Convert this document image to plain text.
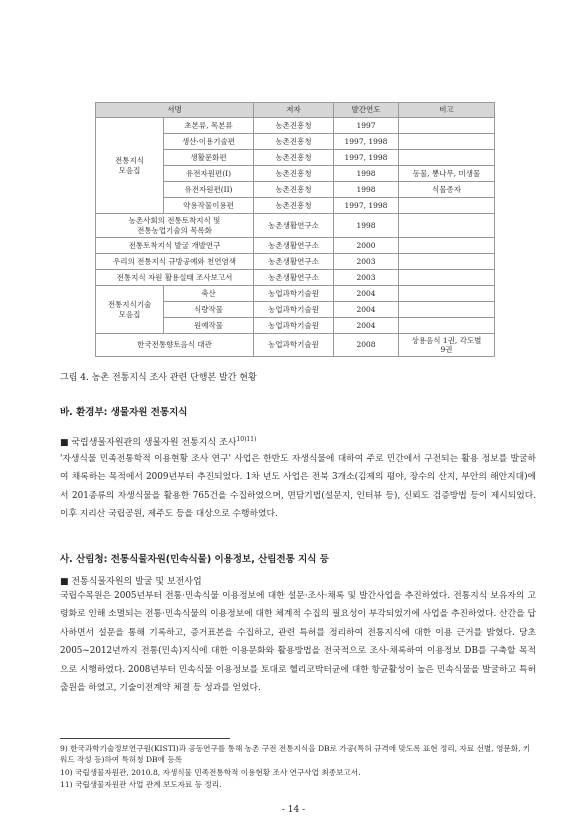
서명		저자	발간연도	비고
전통지식
모음집	초본류, 목본류	농촌진흥청	1997	
	생산·이용기술편	농촌진흥청	1997, 1998	
	생활문화편	농촌진흥청	1997, 1998	
	유전자원편(I)	농촌진흥청	1998	동물, 뽕나무, 미생물
	유전자원편(II)	농촌진흥청	1998	식물종자
	약용작물이용편	농촌진흥청	1997, 1998	
농촌사회의 전통토착지식 및
전통농업기술의 목록화		농촌생활연구소	1998	
전통토착지식 발굴 개발연구		농촌생활연구소	2000	
우리의 전통지식 규방공예와 천연염색		농촌생활연구소	2003	
전통지식 자원 활용실태 조사보고서		농촌생활연구소	2003	
전통지식기술
모음집	축산	농업과학기술원	2004	
	식량작물	농업과학기술원	2004	
	원예작물	농업과학기술원	2004	
한국전통향토음식 대관		농업과학기술원	2008	상용음식 1권, 각도별
9권
그림 4. 농촌 전통지식 조사 관련 단행본 발간 현황
바. 환경부: 생물자원 전통지식
■ 국립생물자원관의 생물자원 전통지식 조사$^{10)11)}$
'자생식물 민족전통학적 이용현황 조사 연구' 사업은 한반도 자생식물에 대하여 주로 민간에서 구전되는 활용 정보를 발굴하여 채록하는 목적에서 2009년부터 추진되었다. 1차 년도 사업은 전북 3개소(김제의 평야, 장수의 산지, 부안의 해안지대)에서 201종류의 자생식물을 활용한 765건을 수집하였으며, 면담기법(설문지, 인터뷰 등), 신뢰도 검증방법 등이 제시되었다. 이후 지리산 국립공원, 제주도 등을 대상으로 수행하였다.
사. 산림청: 전통식물자원(민속식물) 이용정보, 산림전통 지식 등
■ 전통식물자원의 발굴 및 보전사업
국립수목원은 2005년부터 전통·민속식물 이용정보에 대한 설문·조사·채록 및 발간사업을 추진하였다. 전통지식 보유자의 고령화로 인해 소멸되는 전통·민속식물의 이용정보에 대한 체계적 수집의 필요성이 부각되었기에 사업을 추진하였다. 산간을 답사하면서 설문을 통해 기록하고, 증거표본을 수집하고, 관련 특허를 정리하여 전통지식에 대한 이용 근거를 밝혔다. 당초 2005~2012년까지 전통(민속)지식에 대한 이용문화와 활용방법을 전국적으로 조사·채록하여 이용정보 DB를 구축할 목적으로 시행하였다. 2008년부터 민속식물 이용정보를 토대로 헬리코박터균에 대한 항균활성이 높은 민속식물을 발굴하고 특허출원을 하였고, 기술이전계약 체결 등 성과를 얻었다.
9) 한국과학기술정보연구원(KISTI)과 공동연구를 통해 농촌 구전 전통지식을 DB로 가공(특허 규격에 맞도록 표현 정리, 자료 선별, 영문화, 키워드 작성 등)하여 특허청 DB에 등록
10) 국립생물자원관, 2010.8, 자생식물 민족전통학적 이용현황 조사 연구사업 최종보고서.
11) 국립생물자원관 사업 관계 보도자료 등 정리.
- 14 -
